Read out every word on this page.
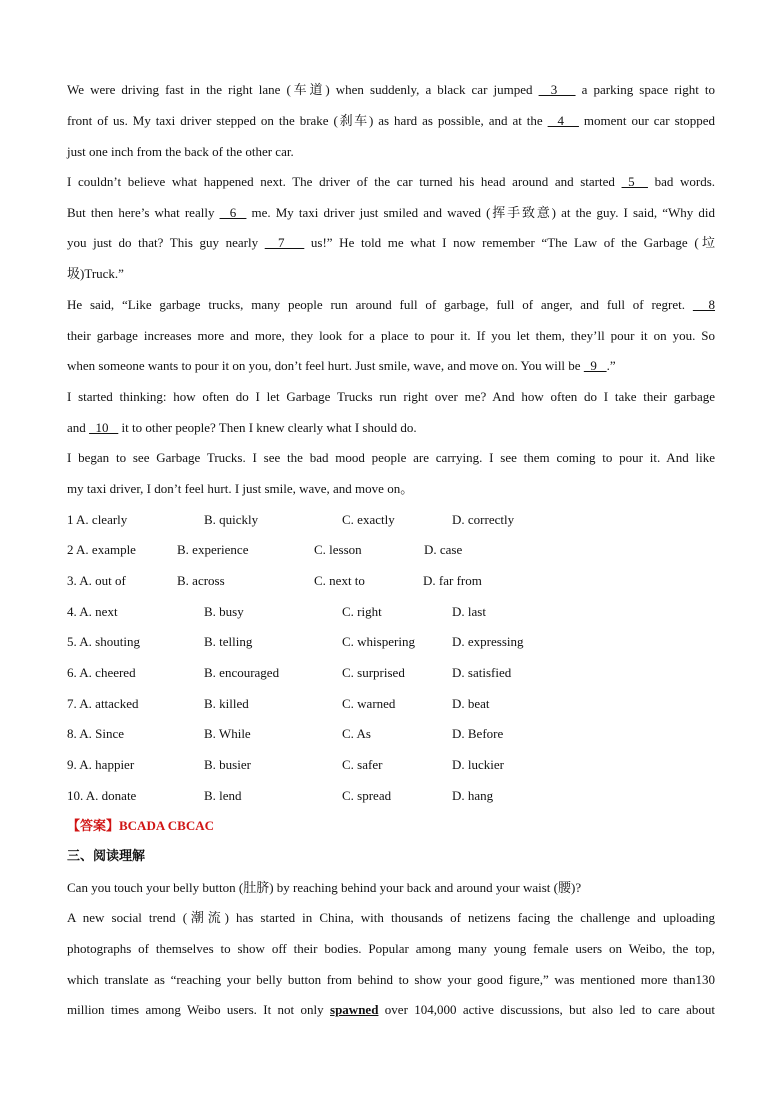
We were driving fast in the right lane (车道) when suddenly, a black car jumped   3    a parking space right to
front of us. My taxi driver stepped on the brake (刹车) as hard as possible, and at the   4    moment our car stopped
just one inch from the back of the other car.
I couldn’t believe what happened next. The driver of the car turned his head around and started  5   bad words.
But then here’s what really   6   me. My taxi driver just smiled and waved (挥手致意) at the guy. I said, “Why did
you just do that? This guy nearly   7    us!” He told me what I now remember “The Law of the Garbage (垃
圾)Truck.”
He said, “Like garbage trucks, many people run around full of garbage, full of anger, and full of regret.   8
their garbage increases more and more, they look for a place to pour it. If you let them, they’ll pour it on you. So
when someone wants to pour it on you, don’t feel hurt. Just smile, wave, and move on. You will be   9   .”
I started thinking: how often do I let Garbage Trucks run right over me? And how often do I take their garbage
and   10    it to other people? Then I knew clearly what I should do.
I began to see Garbage Trucks. I see the bad mood people are carrying. I see them coming to pour it. And like
my taxi driver, I don’t feel hurt. I just smile, wave, and move on。
1 A. clearly	B. quickly	C. exactly	D. correctly
2 A. example	B. experience	C. lesson	D. case
3. A. out of	B. across	C. next to	D. far from
4. A. next	B. busy	C. right	D. last
5. A. shouting	B. telling	C. whispering	D. expressing
6. A. cheered	B. encouraged	C. surprised	D. satisfied
7. A. attacked	B. killed	C. warned	D. beat
8. A. Since	B. While	C. As	D. Before
9. A. happier	B. busier	C. safer	D. luckier
10. A. donate	B. lend	C. spread	D. hang
【答案】BCADA CBCAC
三、阅读理解
Can you touch your belly button (肚脐) by reaching behind your back and around your waist (腰)?
A new social trend (潮流) has started in China, with thousands of netizens facing the challenge and uploading
photographs of themselves to show off their bodies. Popular among many young female users on Weibo, the top,
which translate as “reaching your belly button from behind to show your good figure,” was mentioned more than130
million times among Weibo users. It not only spawned over 104,000 active discussions, but also led to care about
